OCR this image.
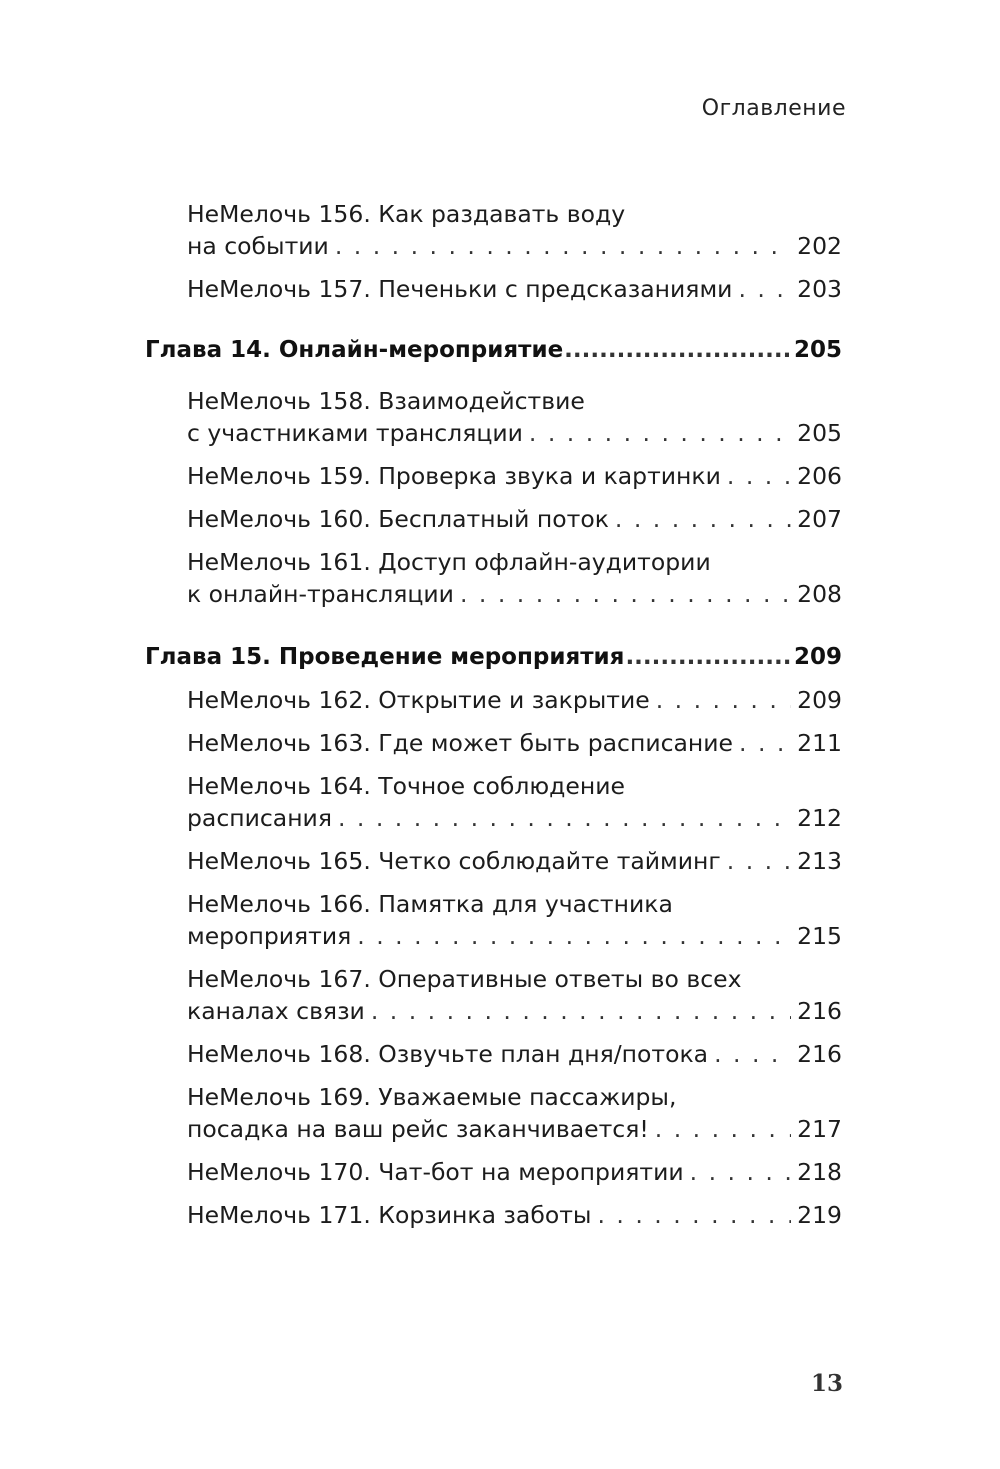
Оглавление
НеМелочь 156. Как раздавать воду
на событии . . .	202
НеМелочь 157. Печеньки с предсказаниями . . .	203
Глава 14. Онлайн-мероприятие .....	205
НеМелочь 158. Взаимодействие
с участниками трансляции . . .	205
НеМелочь 159. Проверка звука и картинки . . .	206
НеМелочь 160. Бесплатный поток . . .	207
НеМелочь 161. Доступ офлайн-аудитории
к онлайн-трансляции . . .	208
Глава 15. Проведение мероприятия .....	209
НеМелочь 162. Открытие и закрытие . . .	209
НеМелочь 163. Где может быть расписание . . .	211
НеМелочь 164. Точное соблюдение
расписания . . .	212
НеМелочь 165. Четко соблюдайте тайминг . . .	213
НеМелочь 166. Памятка для участника
мероприятия . . .	215
НеМелочь 167. Оперативные ответы во всех
каналах связи . . .	216
НеМелочь 168. Озвучьте план дня/потока . . .	216
НеМелочь 169. Уважаемые пассажиры,
посадка на ваш рейс заканчивается! . . .	217
НеМелочь 170. Чат-бот на мероприятии . . .	218
НеМелочь 171. Корзинка заботы . . .	219
13
